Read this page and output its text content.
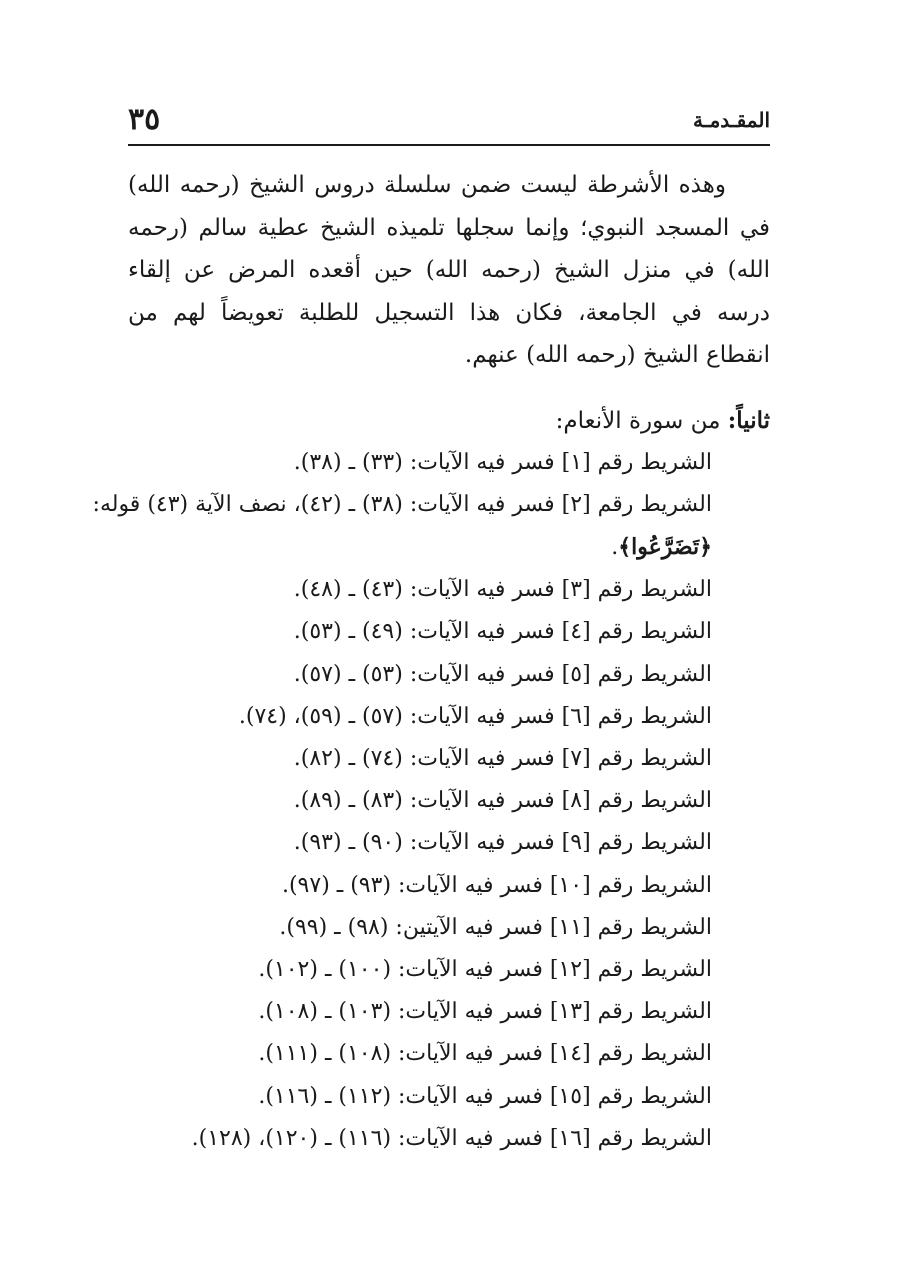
المقـدمـة
٣٥

وهذه الأشرطة ليست ضمن سلسلة دروس الشيخ (رحمه الله) في المسجد النبوي؛ وإنما سجلها تلميذه الشيخ عطية سالم (رحمه الله) في منزل الشيخ (رحمه الله) حين أقعده المرض عن إلقاء درسه في الجامعة، فكان هذا التسجيل للطلبة تعويضاً لهم من انقطاع الشيخ (رحمه الله) عنهم.

ثانياً: من سورة الأنعام:
الشريط رقم [١] فسر فيه الآيات: (٣٣) ـ (٣٨).
الشريط رقم [٢] فسر فيه الآيات: (٣٨) ـ (٤٢)، نصف الآية (٤٣) قوله: ﴿تَضَرَّعُوا﴾.
الشريط رقم [٣] فسر فيه الآيات: (٤٣) ـ (٤٨).
الشريط رقم [٤] فسر فيه الآيات: (٤٩) ـ (٥٣).
الشريط رقم [٥] فسر فيه الآيات: (٥٣) ـ (٥٧).
الشريط رقم [٦] فسر فيه الآيات: (٥٧) ـ (٥٩)، (٧٤).
الشريط رقم [٧] فسر فيه الآيات: (٧٤) ـ (٨٢).
الشريط رقم [٨] فسر فيه الآيات: (٨٣) ـ (٨٩).
الشريط رقم [٩] فسر فيه الآيات: (٩٠) ـ (٩٣).
الشريط رقم [١٠] فسر فيه الآيات: (٩٣) ـ (٩٧).
الشريط رقم [١١] فسر فيه الآيتين: (٩٨) ـ (٩٩).
الشريط رقم [١٢] فسر فيه الآيات: (١٠٠) ـ (١٠٢).
الشريط رقم [١٣] فسر فيه الآيات: (١٠٣) ـ (١٠٨).
الشريط رقم [١٤] فسر فيه الآيات: (١٠٨) ـ (١١١).
الشريط رقم [١٥] فسر فيه الآيات: (١١٢) ـ (١١٦).
الشريط رقم [١٦] فسر فيه الآيات: (١١٦) ـ (١٢٠)، (١٢٨).
